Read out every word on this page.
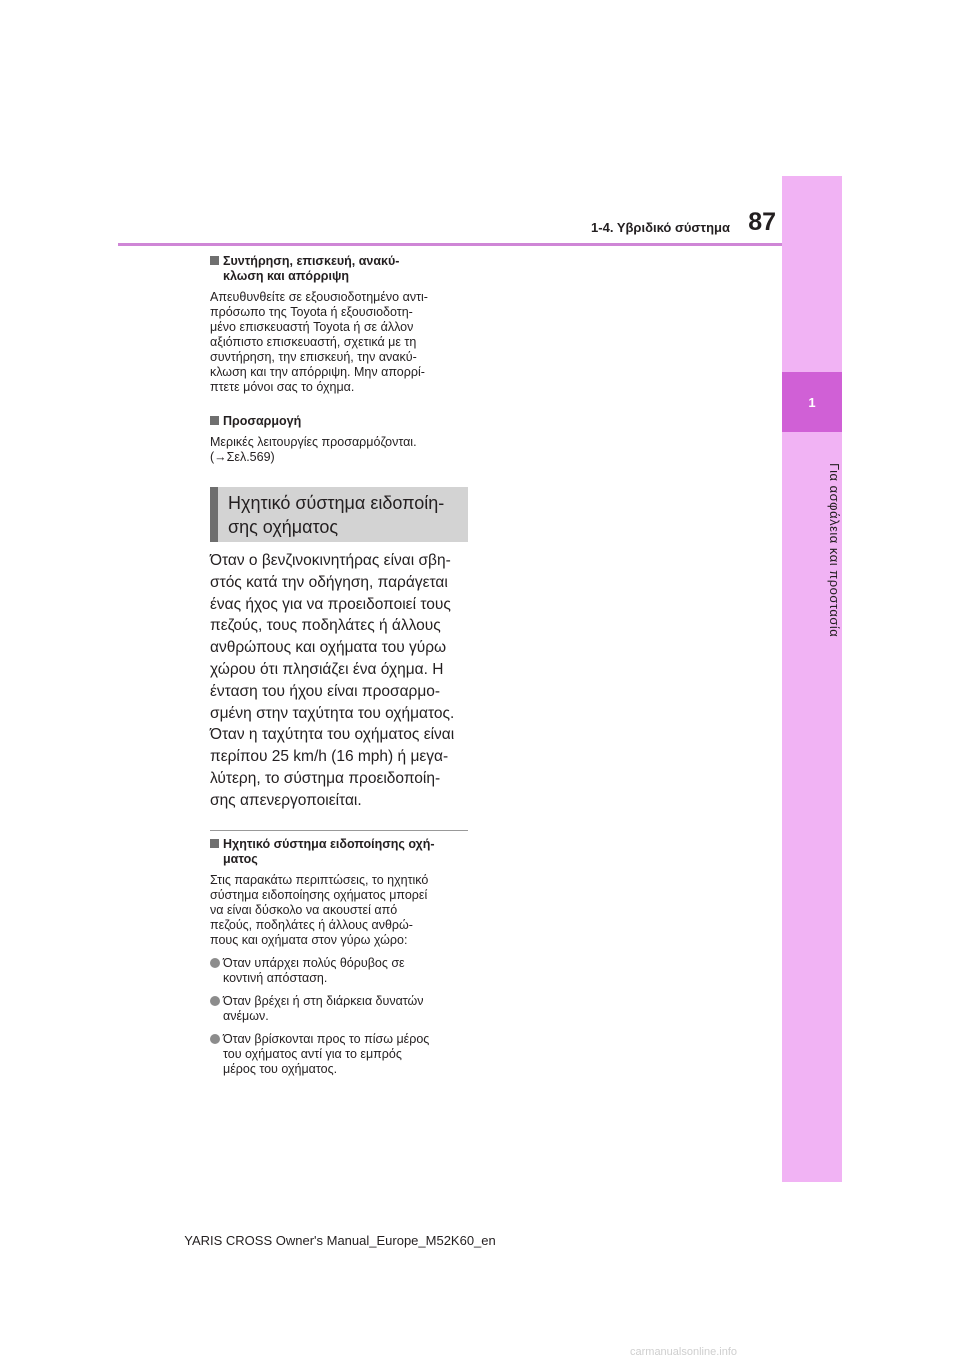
1-4. Υβριδικό σύστημα 87
1
Για ασφάλεια και προστασία
Συντήρηση, επισκευή, ανακύ-
κλωση και απόρριψη

Απευθυνθείτε σε εξουσιοδοτημένο αντι-

πρόσωπο της Toyota ή εξουσιοδοτη-

μένο επισκευαστή Toyota ή σε άλλον

αξιόπιστο επισκευαστή, σχετικά με τη

συντήρηση, την επισκευή, την ανακύ-

κλωση και την απόρριψη. Μην απορρί-

πτετε μόνοι σας το όχημα.

Προσαρμογή

Μερικές λειτουργίες προσαρμόζονται.

(→Σελ.569)

Ηχητικό σύστημα ειδοποίη-
σης οχήματος
Όταν ο βενζινοκινητήρας είναι σβη-
στός κατά την οδήγηση, παράγεται
ένας ήχος για να προειδοποιεί τους
πεζούς, τους ποδηλάτες ή άλλους
ανθρώπους και οχήματα του γύρω
χώρου ότι πλησιάζει ένα όχημα. Η
ένταση του ήχου είναι προσαρμο-
σμένη στην ταχύτητα του οχήματος.
Όταν η ταχύτητα του οχήματος είναι
περίπου 25 km/h (16 mph) ή μεγα-
λύτερη, το σύστημα προειδοποίη-
σης απενεργοποιείται.
Ηχητικό σύστημα ειδοποίησης οχή-
ματος

Στις παρακάτω περιπτώσεις, το ηχητικό

σύστημα ειδοποίησης οχήματος μπορεί

να είναι δύσκολο να ακουστεί από

πεζούς, ποδηλάτες ή άλλους ανθρώ-

πους και οχήματα στον γύρω χώρο:

Όταν υπάρχει πολύς θόρυβος σε
κοντινή απόσταση.
Όταν βρέχει ή στη διάρκεια δυνατών
ανέμων.
Όταν βρίσκονται προς το πίσω μέρος
του οχήματος αντί για το εμπρός
μέρος του οχήματος.
YARIS CROSS Owner's Manual_Europe_M52K60_en
carmanualsonline.info
